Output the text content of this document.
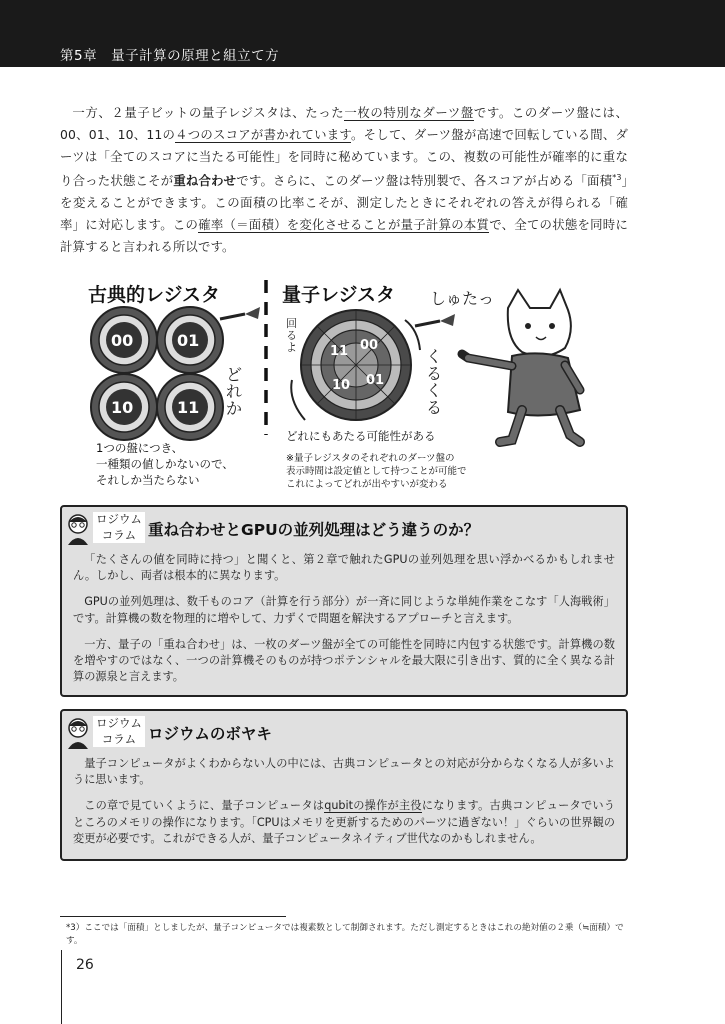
第5章　量子計算の原理と組立て方

一方、２量子ビットの量子レジスタは、たった一枚の特別なダーツ盤です。このダーツ盤には、00、01、10、11の４つのスコアが書かれています。そして、ダーツ盤が高速で回転している間、ダーツは「全てのスコアに当たる可能性」を同時に秘めています。この、複数の可能性が確率的に重なり合った状態こそが重ね合わせです。さらに、このダーツ盤は特別製で、各スコアが占める「面積$^{*3}$」を変えることができます。この面積の比率こそが、測定したときにそれぞれの答えが得られる「確率」に対応します。この確率（＝面積）を変化させることが量子計算の本質で、全ての状態を同時に計算すると言われる所以です。

古典的レジスタ	量子レジスタ
00	01
10	11
11 00
10 01
どれか
くるくる
しゅたっ
回るよ
1つの盤につき、
一種類の値しかないので、
それしか当たらない
どれにもあたる可能性がある
※量子レジスタのそれぞれのダーツ盤の
表示時間は設定値として持つことが可能で
これによってどれが出やすいが変わる
ロジウム
コラム 重ね合わせとGPUの並列処理はどう違うのか？

「たくさんの値を同時に持つ」と聞くと、第２章で触れたGPUの並列処理を思い浮かべるかもしれません。しかし、両者は根本的に異なります。

GPUの並列処理は、数千ものコア（計算を行う部分）が一斉に同じような単純作業をこなす「人海戦術」です。計算機の数を物理的に増やして、力ずくで問題を解決するアプローチと言えます。

一方、量子の「重ね合わせ」は、一枚のダーツ盤が全ての可能性を同時に内包する状態です。計算機の数を増やすのではなく、一つの計算機そのものが持つポテンシャルを最大限に引き出す、質的に全く異なる計算の源泉と言えます。

ロジウム
コラム ロジウムのボヤキ

量子コンピュータがよくわからない人の中には、古典コンピュータとの対応が分からなくなる人が多いように思います。

この章で見ていくように、量子コンピュータはqubitの操作が主役になります。古典コンピュータでいうところのメモリの操作になります。「CPUはメモリを更新するためのパーツに過ぎない！」ぐらいの世界観の変更が必要です。これができる人が、量子コンピュータネイティブ世代なのかもしれません。

*3）ここでは「面積」としましたが、量子コンピュータでは複素数として制御されます。ただし測定するときはこれの絶対値の２乗（≒面積）です。
26
